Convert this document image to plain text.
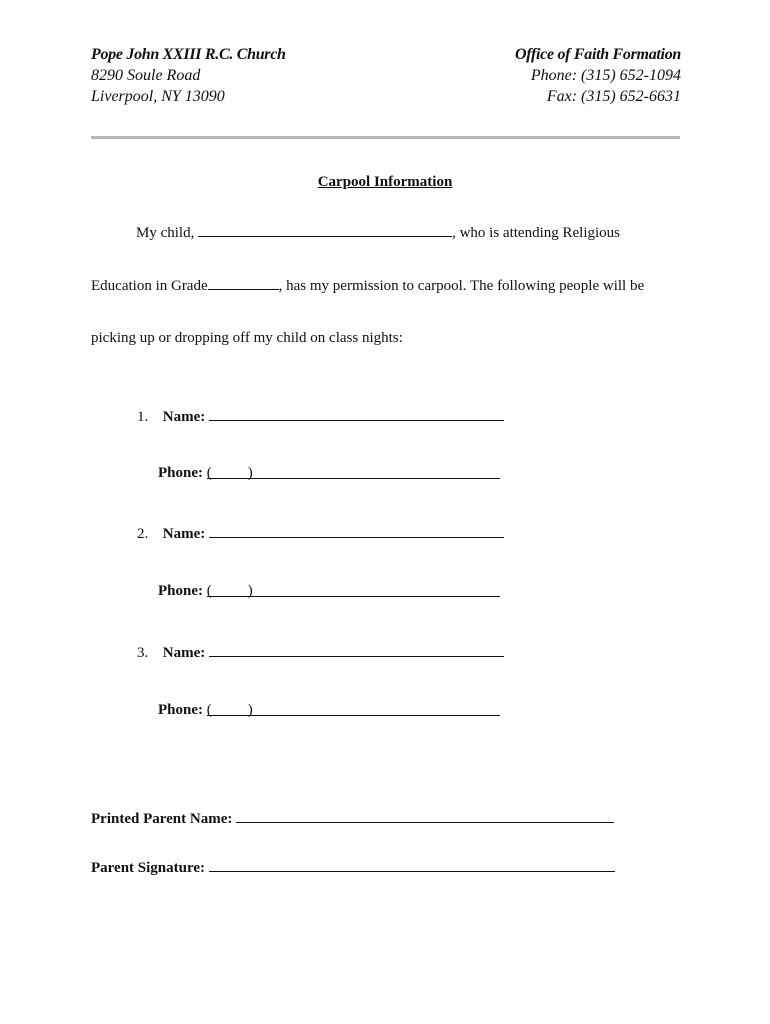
Pope John XXIII R.C. Church
8290 Soule Road
Liverpool, NY 13090
Office of Faith Formation
Phone: (315) 652-1094
Fax: (315) 652-6631
Carpool Information
My child,	, who is attending Religious
Education in Grade	, has my permission to carpool. The following people will be
picking up or dropping off my child on class nights:
1. Name:
Phone: ( )
2. Name:
Phone: ( )
3. Name:
Phone: ( )
Printed Parent Name:
Parent Signature:
